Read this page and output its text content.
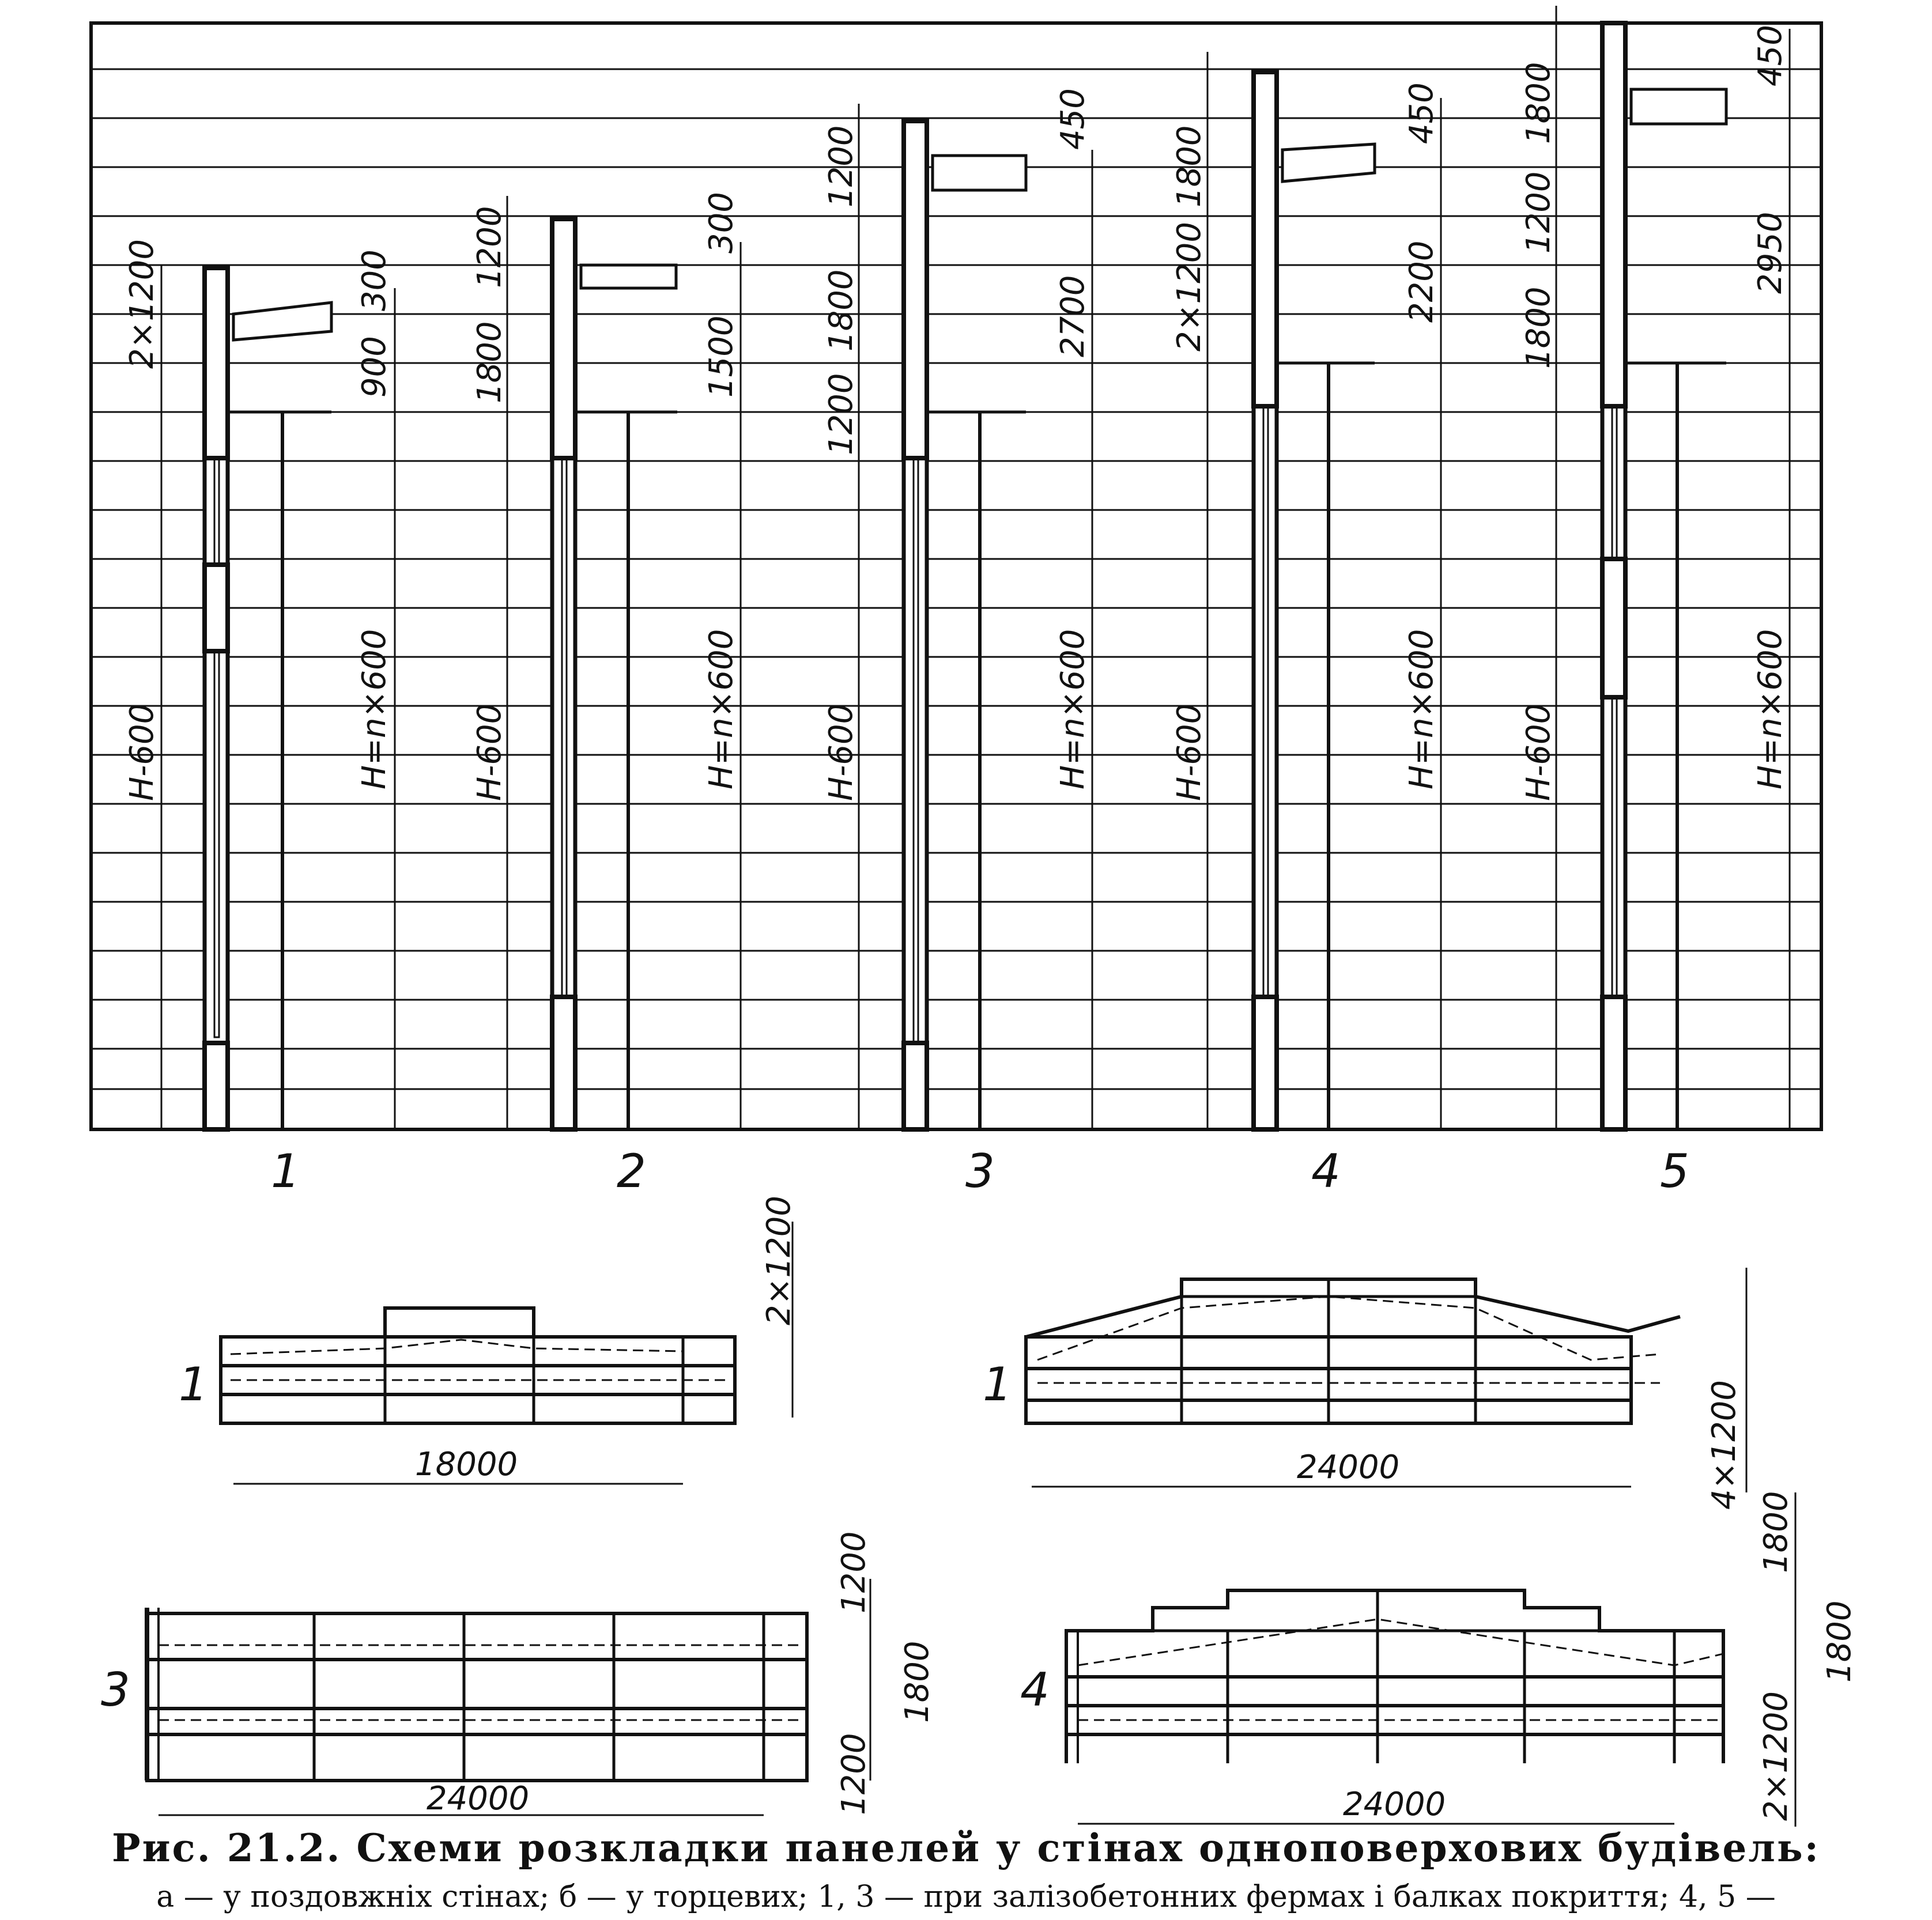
2×1200
H-600
300
900
H=n×600
1
1200
1800
H-600
300
1500
H=n×600
2
1200
1800
1200
H-600
450
2700
H=n×600
3
1800
2×1200
H-600
450
2200
H=n×600
4
1800
1200
1800
H-600
450
2950
H=n×600
5
18000
2×1200
1
24000	4×1200
1
24000
1200
1800
1200
3
24000
1800
1800
2×1200
4
Рис. 21.2. Схеми розкладки панелей у стінах одноповерхових будівель:
а — у поздовжніх стінах; б — у торцевих; 1, 3 — при залізобетонних фермах і балках покриття; 4, 5 —
